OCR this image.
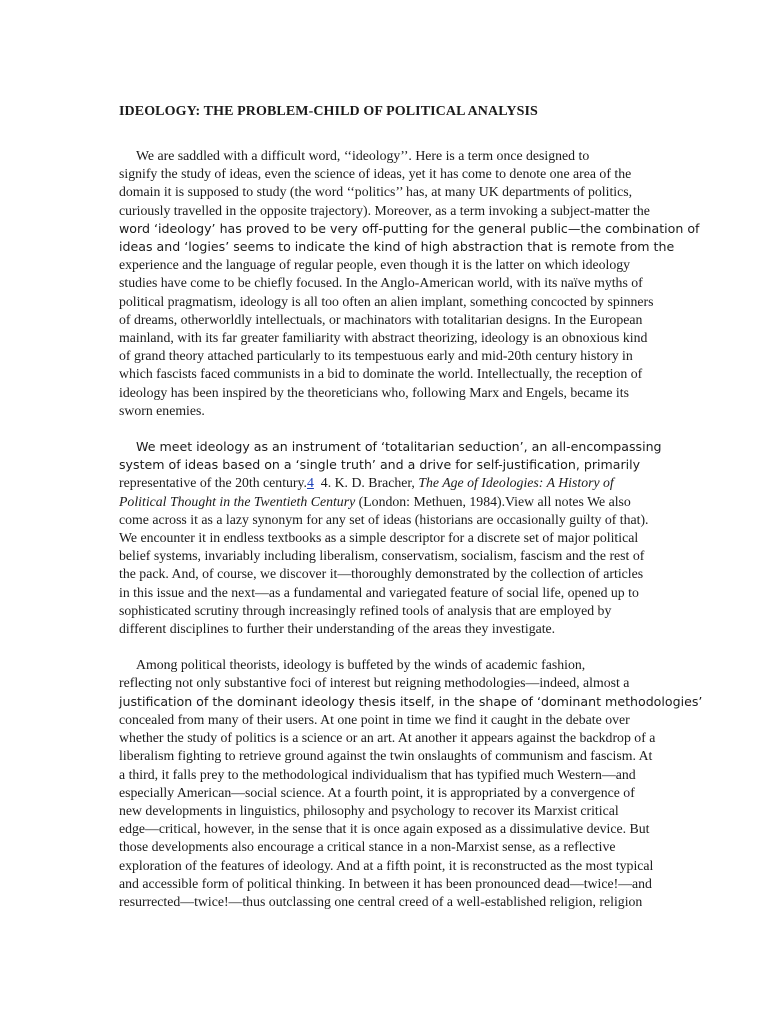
IDEOLOGY: THE PROBLEM-CHILD OF POLITICAL ANALYSIS
We are saddled with a difficult word, ‘‘ideology’’. Here is a term once designed to
signify the study of ideas, even the science of ideas, yet it has come to denote one area of the
domain it is supposed to study (the word ‘‘politics’’ has, at many UK departments of politics,
curiously travelled in the opposite trajectory). Moreover, as a term invoking a subject-matter the
word ‘ideology’ has proved to be very off-putting for the general public—the combination of
ideas and ‘logies’ seems to indicate the kind of high abstraction that is remote from the
experience and the language of regular people, even though it is the latter on which ideology
studies have come to be chiefly focused. In the Anglo-American world, with its naïve myths of
political pragmatism, ideology is all too often an alien implant, something concocted by spinners
of dreams, otherworldly intellectuals, or machinators with totalitarian designs. In the European
mainland, with its far greater familiarity with abstract theorizing, ideology is an obnoxious kind
of grand theory attached particularly to its tempestuous early and mid-20th century history in
which fascists faced communists in a bid to dominate the world. Intellectually, the reception of
ideology has been inspired by the theoreticians who, following Marx and Engels, became its
sworn enemies.
We meet ideology as an instrument of ‘totalitarian seduction’, an all-encompassing
system of ideas based on a ‘single truth’ and a drive for self-justification, primarily
representative of the 20th century.4  4. K. D. Bracher, The Age of Ideologies: A History of
Political Thought in the Twentieth Century (London: Methuen, 1984).View all notes We also
come across it as a lazy synonym for any set of ideas (historians are occasionally guilty of that).
We encounter it in endless textbooks as a simple descriptor for a discrete set of major political
belief systems, invariably including liberalism, conservatism, socialism, fascism and the rest of
the pack. And, of course, we discover it—thoroughly demonstrated by the collection of articles
in this issue and the next—as a fundamental and variegated feature of social life, opened up to
sophisticated scrutiny through increasingly refined tools of analysis that are employed by
different disciplines to further their understanding of the areas they investigate.
Among political theorists, ideology is buffeted by the winds of academic fashion,
reflecting not only substantive foci of interest but reigning methodologies—indeed, almost a
justification of the dominant ideology thesis itself, in the shape of ‘dominant methodologies’
concealed from many of their users. At one point in time we find it caught in the debate over
whether the study of politics is a science or an art. At another it appears against the backdrop of a
liberalism fighting to retrieve ground against the twin onslaughts of communism and fascism. At
a third, it falls prey to the methodological individualism that has typified much Western—and
especially American—social science. At a fourth point, it is appropriated by a convergence of
new developments in linguistics, philosophy and psychology to recover its Marxist critical
edge—critical, however, in the sense that it is once again exposed as a dissimulative device. But
those developments also encourage a critical stance in a non-Marxist sense, as a reflective
exploration of the features of ideology. And at a fifth point, it is reconstructed as the most typical
and accessible form of political thinking. In between it has been pronounced dead—twice!—and
resurrected—twice!—thus outclassing one central creed of a well-established religion, religion
